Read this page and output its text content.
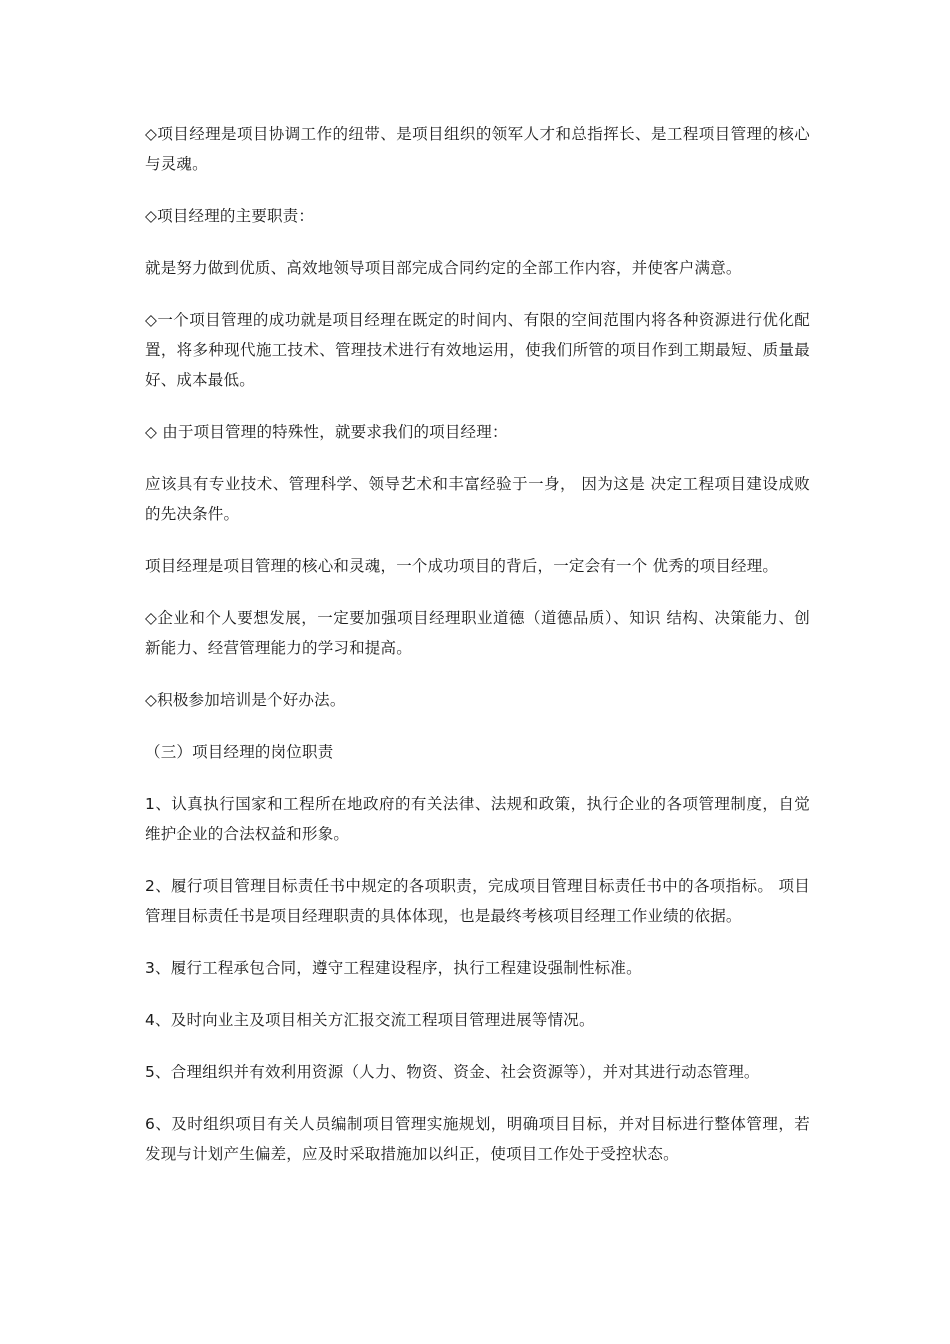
◇项目经理是项目协调工作的纽带、是项目组织的领军人才和总指挥长、是工程项目管理的核心与灵魂。

◇项目经理的主要职责：

就是努力做到优质、高效地领导项目部完成合同约定的全部工作内容，并使客户满意。

◇一个项目管理的成功就是项目经理在既定的时间内、有限的空间范围内将各种资源进行优化配置，将多种现代施工技术、管理技术进行有效地运用，使我们所管的项目作到工期最短、质量最好、成本最低。

◇ 由于项目管理的特殊性，就要求我们的项目经理：

应该具有专业技术、管理科学、领导艺术和丰富经验于一身， 因为这是 决定工程项目建设成败的先决条件。

项目经理是项目管理的核心和灵魂，一个成功项目的背后，一定会有一个 优秀的项目经理。

◇企业和个人要想发展，一定要加强项目经理职业道德（道德品质）、知识 结构、决策能力、创新能力、经营管理能力的学习和提高。

◇积极参加培训是个好办法。

（三）项目经理的岗位职责

1、认真执行国家和工程所在地政府的有关法律、法规和政策，执行企业的各项管理制度，自觉维护企业的合法权益和形象。

2、履行项目管理目标责任书中规定的各项职责，完成项目管理目标责任书中的各项指标。 项目管理目标责任书是项目经理职责的具体体现，也是最终考核项目经理工作业绩的依据。

3、履行工程承包合同，遵守工程建设程序，执行工程建设强制性标准。

4、及时向业主及项目相关方汇报交流工程项目管理进展等情况。

5、合理组织并有效利用资源（人力、物资、资金、社会资源等），并对其进行动态管理。

6、及时组织项目有关人员编制项目管理实施规划，明确项目目标，并对目标进行整体管理，若发现与计划产生偏差，应及时采取措施加以纠正，使项目工作处于受控状态。
